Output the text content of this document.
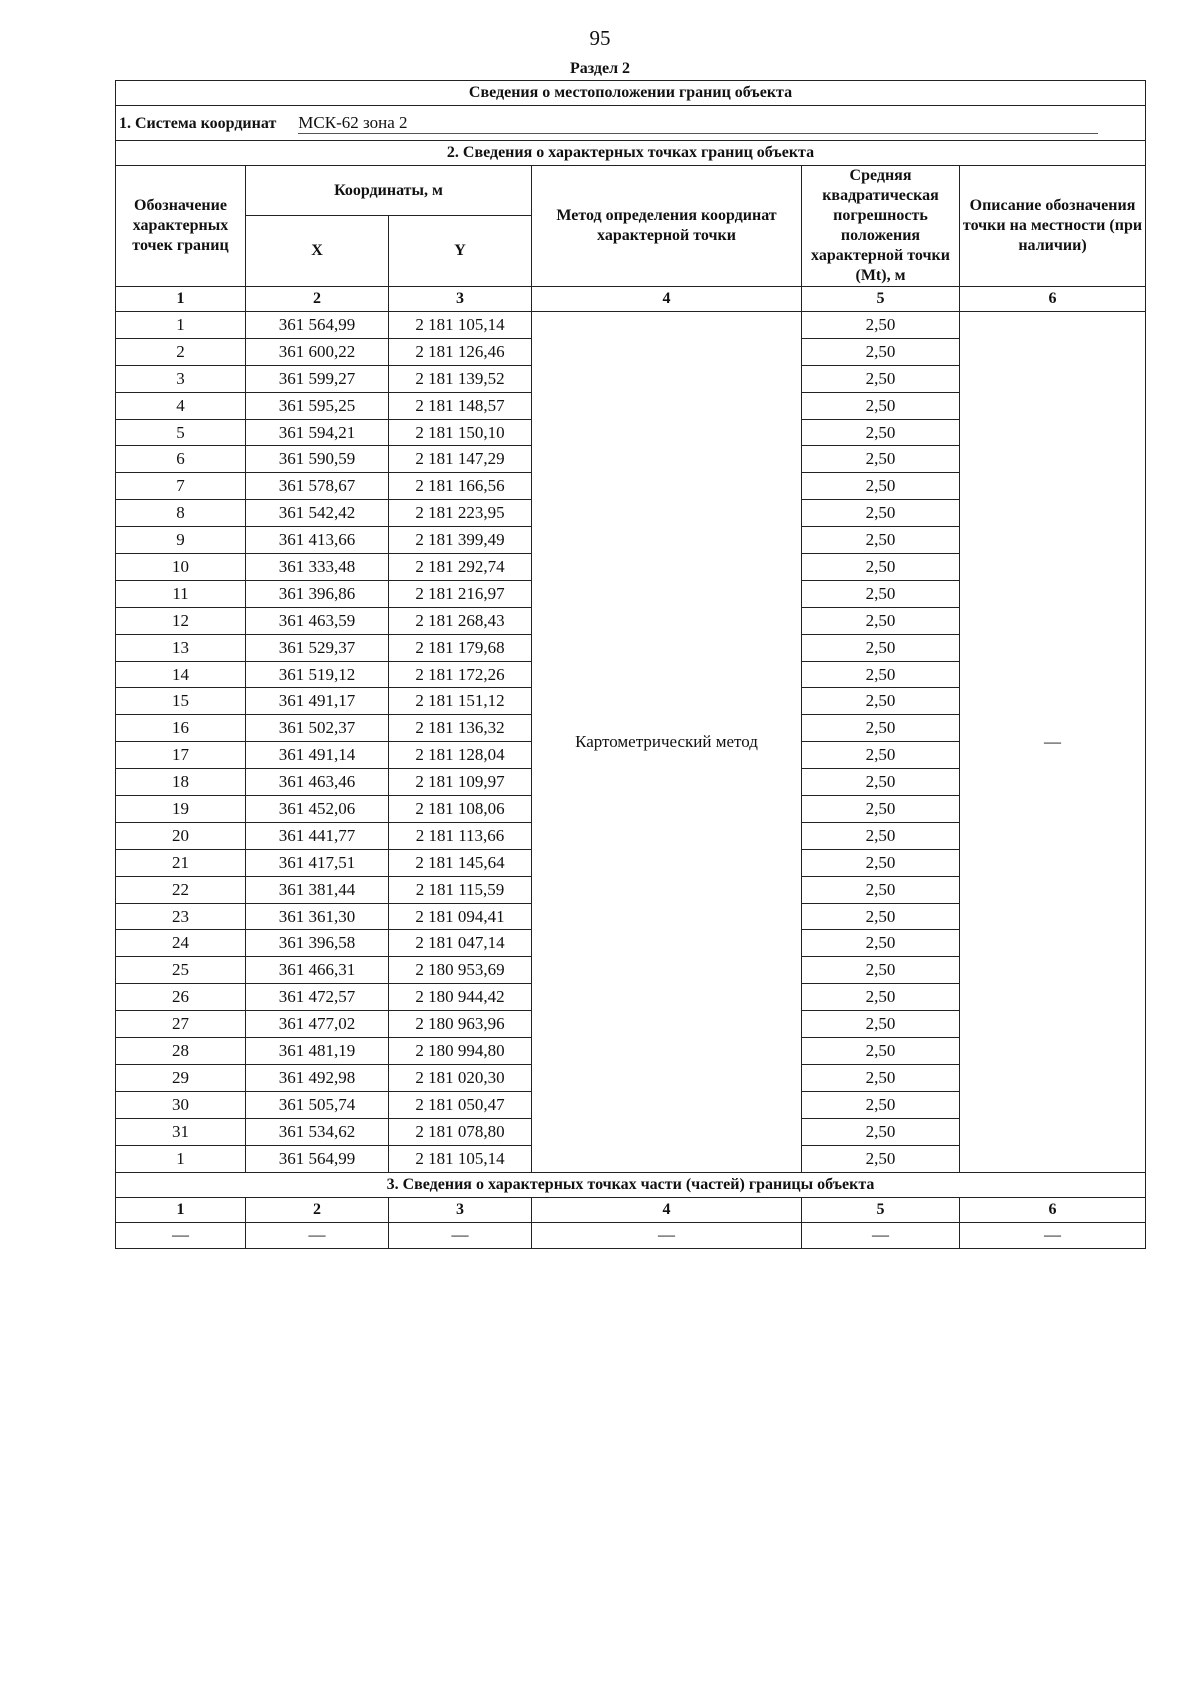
95
Раздел 2
Сведения о местоположении границ объекта					
1. Система координат МСК-62 зона 2					
2. Сведения о характерных точках границ объекта					
Обозначение характерных точек границ	Координаты, м		Метод определения координат характерной точки	Средняя квадратическая погрешность положения характерной точки (Mt), м	Описание обозначения точки на местности (при наличии)
	X	Y			
1	2	3	4	5	6
1	361 564,99	2 181 105,14	Картометрический метод	2,50	—
2	361 600,22	2 181 126,46		2,50	
3	361 599,27	2 181 139,52		2,50	
4	361 595,25	2 181 148,57		2,50	
5	361 594,21	2 181 150,10		2,50	
6	361 590,59	2 181 147,29		2,50	
7	361 578,67	2 181 166,56		2,50	
8	361 542,42	2 181 223,95		2,50	
9	361 413,66	2 181 399,49		2,50	
10	361 333,48	2 181 292,74		2,50	
11	361 396,86	2 181 216,97		2,50	
12	361 463,59	2 181 268,43		2,50	
13	361 529,37	2 181 179,68		2,50	
14	361 519,12	2 181 172,26		2,50	
15	361 491,17	2 181 151,12		2,50	
16	361 502,37	2 181 136,32		2,50	
17	361 491,14	2 181 128,04		2,50	
18	361 463,46	2 181 109,97		2,50	
19	361 452,06	2 181 108,06		2,50	
20	361 441,77	2 181 113,66		2,50	
21	361 417,51	2 181 145,64		2,50	
22	361 381,44	2 181 115,59		2,50	
23	361 361,30	2 181 094,41		2,50	
24	361 396,58	2 181 047,14		2,50	
25	361 466,31	2 180 953,69		2,50	
26	361 472,57	2 180 944,42		2,50	
27	361 477,02	2 180 963,96		2,50	
28	361 481,19	2 180 994,80		2,50	
29	361 492,98	2 181 020,30		2,50	
30	361 505,74	2 181 050,47		2,50	
31	361 534,62	2 181 078,80		2,50	
1	361 564,99	2 181 105,14		2,50	
3. Сведения о характерных точках части (частей) границы объекта					
1	2	3	4	5	6
—	—	—	—	—	—
